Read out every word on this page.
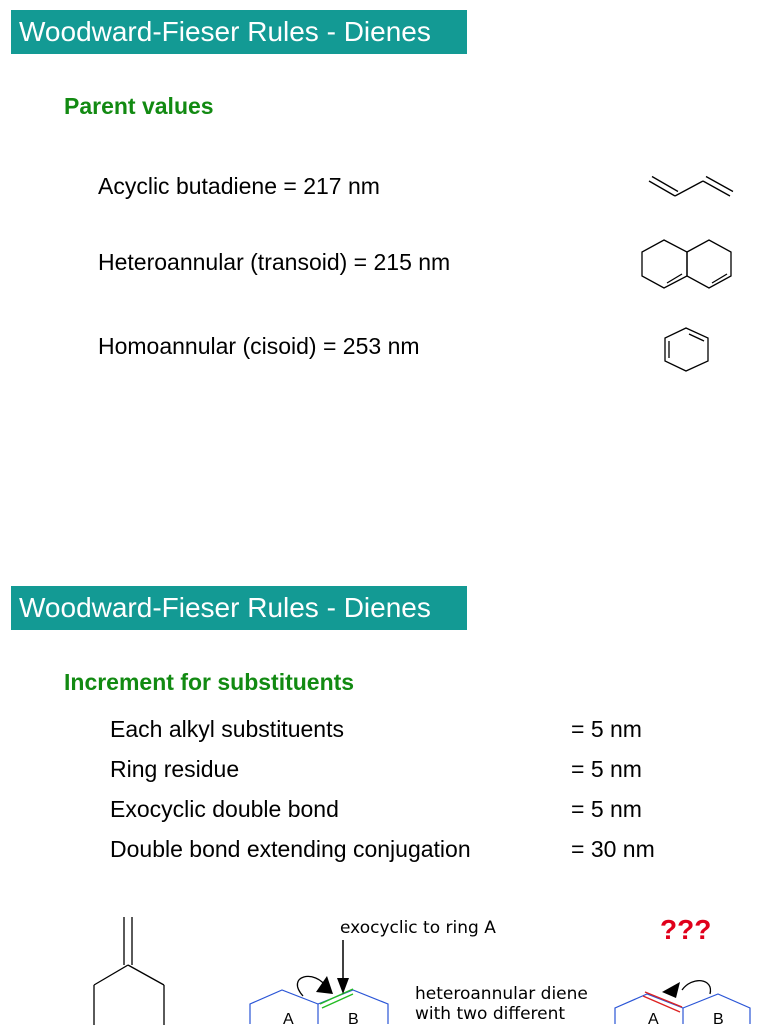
Woodward-Fieser Rules - Dienes
Parent values
Acyclic butadiene = 217 nm
Heteroannular (transoid) = 215 nm
Homoannular (cisoid) = 253 nm
Woodward-Fieser Rules - Dienes
Increment for substituents
Each alkyl substituents	= 5 nm
Ring residue	= 5 nm
Exocyclic double bond	= 5 nm
Double bond extending conjugation	= 30 nm
exocyclic to ring A
heteroannular diene
with two different
???
A	B	A	B
